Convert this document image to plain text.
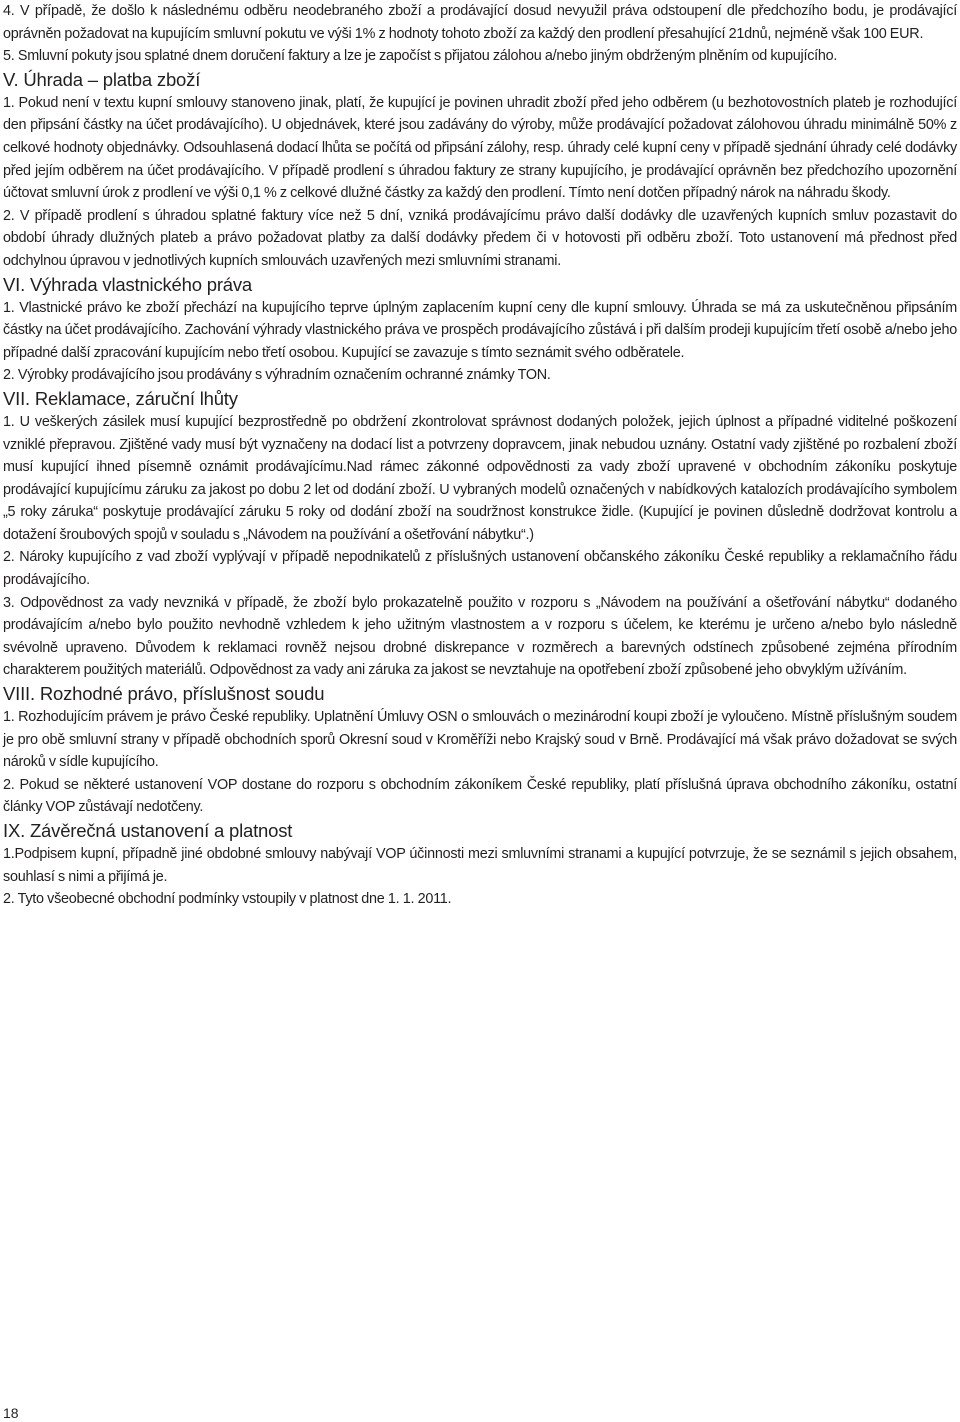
4. V případě, že došlo k následnému odběru neodebraného zboží a prodávající dosud nevyužil práva odstoupení dle předchozího bodu, je prodávající oprávněn požadovat na kupujícím smluvní pokutu ve výši 1% z hodnoty tohoto zboží za každý den prodlení přesahující 21dnů, nejméně však 100 EUR.

5. Smluvní pokuty jsou splatné dnem doručení faktury a lze je započíst s přijatou zálohou a/nebo jiným obdrženým plněním od kupujícího.

V. Úhrada – platba zboží

1. Pokud není v textu kupní smlouvy stanoveno jinak, platí, že kupující je povinen uhradit zboží před jeho odběrem (u bezhotovostních plateb je rozhodující den připsání částky na účet prodávajícího). U objednávek, které jsou zadávány do výroby, může prodávající požadovat zálohovou úhradu minimálně 50% z celkové hodnoty objednávky. Odsouhlasená dodací lhůta se počítá od připsání zálohy, resp. úhrady celé kupní ceny v případě sjednání úhrady celé dodávky před jejím odběrem na účet prodávajícího. V případě prodlení s úhradou faktury ze strany kupujícího, je prodávající oprávněn bez předchozího upozornění účtovat smluvní úrok z prodlení ve výši 0,1 % z celkové dlužné částky za každý den prodlení. Tímto není dotčen případný nárok na náhradu škody.

2. V případě prodlení s úhradou splatné faktury více než 5 dní, vzniká prodávajícímu právo další dodávky dle uzavřených kupních smluv pozastavit do období úhrady dlužných plateb a právo požadovat platby za další dodávky předem či v hotovosti při odběru zboží. Toto ustanovení má přednost před odchylnou úpravou v jednotlivých kupních smlouvách uzavřených mezi smluvními stranami.

VI. Výhrada vlastnického práva

1. Vlastnické právo ke zboží přechází na kupujícího teprve úplným zaplacením kupní ceny dle kupní smlouvy. Úhrada se má za uskutečněnou připsáním částky na účet prodávajícího. Zachování výhrady vlastnického práva ve prospěch prodávajícího zůstává i při dalším prodeji kupujícím třetí osobě a/nebo jeho případné další zpracování kupujícím nebo třetí osobou. Kupující se zavazuje s tímto seznámit svého odběratele.

2. Výrobky prodávajícího jsou prodávány s výhradním označením ochranné známky TON.

VII. Reklamace, záruční lhůty

1. U veškerých zásilek musí kupující bezprostředně po obdržení zkontrolovat správnost dodaných položek, jejich úplnost a případné viditelné poškození vzniklé přepravou. Zjištěné vady musí být vyznačeny na dodací list a potvrzeny dopravcem, jinak nebudou uznány. Ostatní vady zjištěné po rozbalení zboží musí kupující ihned písemně oznámit prodávajícímu.Nad rámec zákonné odpovědnosti za vady zboží upravené v obchodním zákoníku poskytuje prodávající kupujícímu záruku za jakost po dobu 2 let od dodání zboží. U vybraných modelů označených v nabídkových katalozích prodávajícího symbolem „5 roky záruka“ poskytuje prodávající záruku 5 roky od dodání zboží na soudržnost konstrukce židle. (Kupující je povinen důsledně dodržovat kontrolu a dotažení šroubových spojů v souladu s „Návodem na používání a ošetřování nábytku“.)

2. Nároky kupujícího z vad zboží vyplývají v případě nepodnikatelů z příslušných ustanovení občanského zákoníku České republiky a reklamačního řádu prodávajícího.

3. Odpovědnost za vady nevzniká v případě, že zboží bylo prokazatelně použito v rozporu s „Návodem na používání a ošetřování nábytku“ dodaného prodávajícím a/nebo bylo použito nevhodně vzhledem k jeho užitným vlastnostem a v rozporu s účelem, ke kterému je určeno a/nebo bylo následně svévolně upraveno. Důvodem k reklamaci rovněž nejsou drobné diskrepance v rozměrech a barevných odstínech způsobené zejména přírodním charakterem použitých materiálů. Odpovědnost za vady ani záruka za jakost se nevztahuje na opotřebení zboží způsobené jeho obvyklým užíváním.

VIII. Rozhodné právo, příslušnost soudu

1. Rozhodujícím právem je právo České republiky. Uplatnění Úmluvy OSN o smlouvách o mezinárodní koupi zboží je vyloučeno. Místně příslušným soudem je pro obě smluvní strany v případě obchodních sporů Okresní soud v Kroměříži nebo Krajský soud v Brně. Prodávající má však právo dožadovat se svých nároků v sídle kupujícího.

2. Pokud se některé ustanovení VOP dostane do rozporu s obchodním zákoníkem České republiky, platí příslušná úprava obchodního zákoníku, ostatní články VOP zůstávají nedotčeny.

IX. Závěrečná ustanovení a platnost

1.Podpisem kupní, případně jiné obdobné smlouvy nabývají VOP účinnosti mezi smluvními stranami a kupující potvrzuje, že se seznámil s jejich obsahem, souhlasí s nimi a přijímá je.

2. Tyto všeobecné obchodní podmínky vstoupily v platnost dne 1. 1. 2011.

18
